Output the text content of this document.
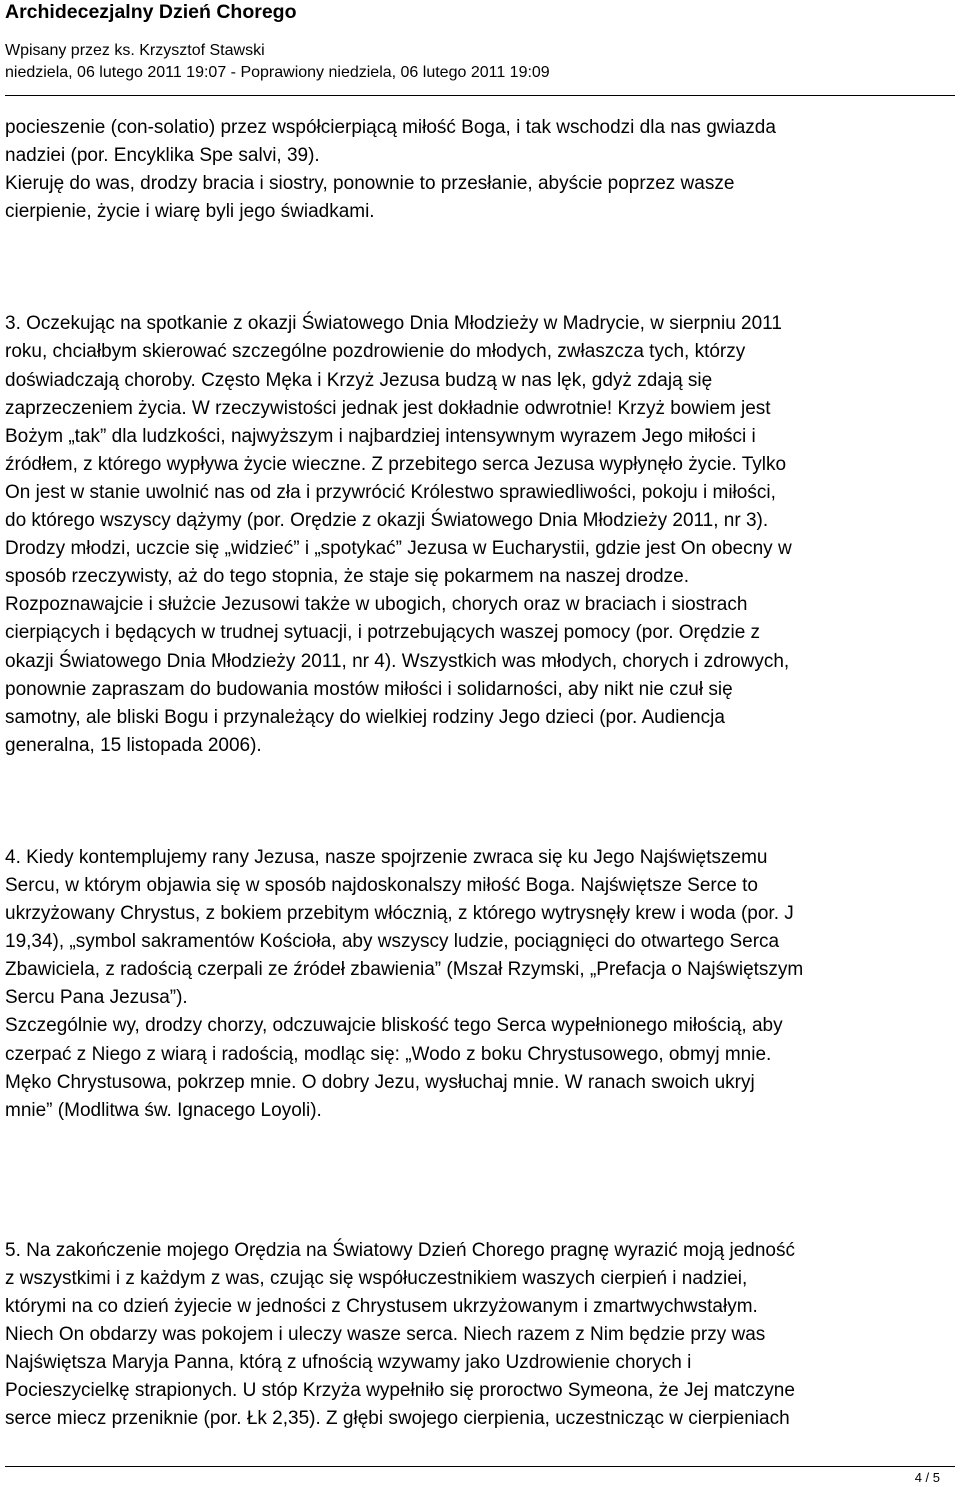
Archidecezjalny Dzień Chorego
Wpisany przez ks. Krzysztof Stawski
niedziela, 06 lutego 2011 19:07 - Poprawiony niedziela, 06 lutego 2011 19:09

pocieszenie (con-solatio) przez współcierpiącą miłość Boga, i tak wschodzi dla nas gwiazda

nadziei (por. Encyklika Spe salvi, 39).

Kieruję do was, drodzy bracia i siostry, ponownie to przesłanie, abyście poprzez wasze

cierpienie, życie i wiarę byli jego świadkami.

3. Oczekując na spotkanie z okazji Światowego Dnia Młodzieży w Madrycie, w sierpniu 2011

roku, chciałbym skierować szczególne pozdrowienie do młodych, zwłaszcza tych, którzy

doświadczają choroby. Często Męka i Krzyż Jezusa budzą w nas lęk, gdyż zdają się

zaprzeczeniem życia. W rzeczywistości jednak jest dokładnie odwrotnie! Krzyż bowiem jest

Bożym „tak” dla ludzkości, najwyższym i najbardziej intensywnym wyrazem Jego miłości i

źródłem, z którego wypływa życie wieczne. Z przebitego serca Jezusa wypłynęło życie. Tylko

On jest w stanie uwolnić nas od zła i przywrócić Królestwo sprawiedliwości, pokoju i miłości,

do którego wszyscy dążymy (por. Orędzie z okazji Światowego Dnia Młodzieży 2011, nr 3).

Drodzy młodzi, uczcie się „widzieć” i „spotykać” Jezusa w Eucharystii, gdzie jest On obecny w

sposób rzeczywisty, aż do tego stopnia, że staje się pokarmem na naszej drodze.

Rozpoznawajcie i służcie Jezusowi także w ubogich, chorych oraz w braciach i siostrach

cierpiących i będących w trudnej sytuacji, i potrzebujących waszej pomocy (por. Orędzie z

okazji Światowego Dnia Młodzieży 2011, nr 4). Wszystkich was młodych, chorych i zdrowych,

ponownie zapraszam do budowania mostów miłości i solidarności, aby nikt nie czuł się

samotny, ale bliski Bogu i przynależący do wielkiej rodziny Jego dzieci (por. Audiencja

generalna, 15 listopada 2006).

4. Kiedy kontemplujemy rany Jezusa, nasze spojrzenie zwraca się ku Jego Najświętszemu

Sercu, w którym objawia się w sposób najdoskonalszy miłość Boga. Najświętsze Serce to

ukrzyżowany Chrystus, z bokiem przebitym włócznią, z którego wytrysnęły krew i woda (por. J

19,34), „symbol sakramentów Kościoła, aby wszyscy ludzie, pociągnięci do otwartego Serca

Zbawiciela, z radością czerpali ze źródeł zbawienia” (Mszał Rzymski, „Prefacja o Najświętszym

Sercu Pana Jezusa”).

Szczególnie wy, drodzy chorzy, odczuwajcie bliskość tego Serca wypełnionego miłością, aby

czerpać z Niego z wiarą i radością, modląc się: „Wodo z boku Chrystusowego, obmyj mnie.

Męko Chrystusowa, pokrzep mnie. O dobry Jezu, wysłuchaj mnie. W ranach swoich ukryj

mnie” (Modlitwa św. Ignacego Loyoli).

5. Na zakończenie mojego Orędzia na Światowy Dzień Chorego pragnę wyrazić moją jedność

z wszystkimi i z każdym z was, czując się współuczestnikiem waszych cierpień i nadziei,

którymi na co dzień żyjecie w jedności z Chrystusem ukrzyżowanym i zmartwychwstałym.

Niech On obdarzy was pokojem i uleczy wasze serca. Niech razem z Nim będzie przy was

Najświętsza Maryja Panna, którą z ufnością wzywamy jako Uzdrowienie chorych i

Pocieszycielkę strapionych. U stóp Krzyża wypełniło się proroctwo Symeona, że Jej matczyne

serce miecz przeniknie (por. Łk 2,35). Z głębi swojego cierpienia, uczestnicząc w cierpieniach

4 / 5
